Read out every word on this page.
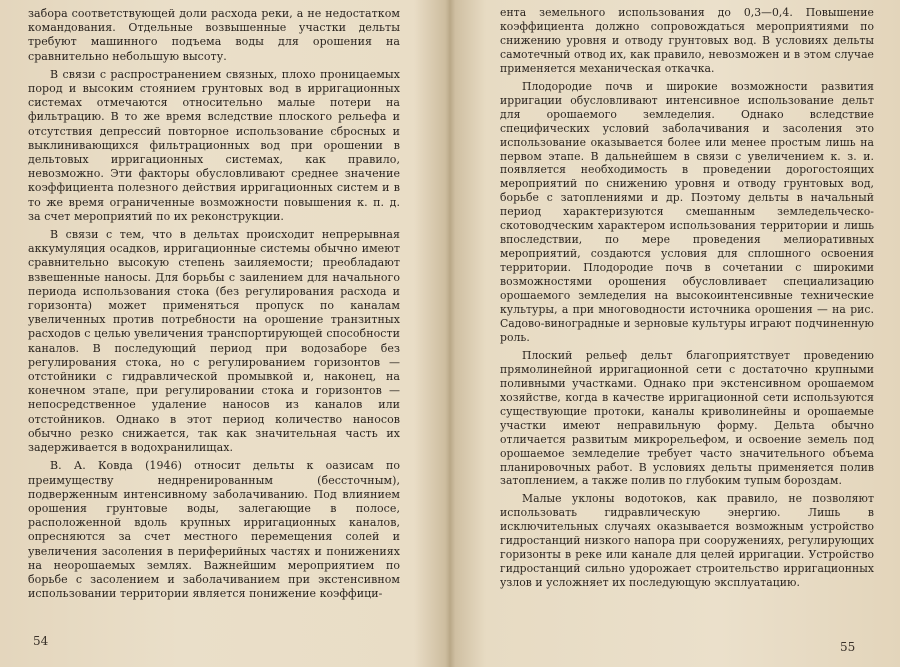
забора соответствующей доли расхода реки, а не недостатком командования. Отдельные возвышенные участки дельты требуют машинного подъема воды для орошения на сравнительно небольшую высоту.

В связи с распространением связных, плохо проницаемых пород и высоким стоянием грунтовых вод в ирригационных системах отмечаются относительно малые потери на фильтрацию. В то же время вследствие плоского рельефа и отсутствия депрессий повторное использование сбросных и выклинивающихся фильтрационных вод при орошении в дельтовых ирригационных системах, как правило, невозможно. Эти факторы обусловливают среднее значение коэффициента полезного действия ирригационных систем и в то же время ограниченные возможности повышения к. п. д. за счет мероприятий по их реконструкции.

В связи с тем, что в дельтах происходит непрерывная аккумуляция осадков, ирригационные системы обычно имеют сравнительно высокую степень заиляемости; преобладают взвешенные наносы. Для борьбы с заилением для начального периода использования стока (без регулирования расхода и горизонта) может применяться пропуск по каналам увеличенных против потребности на орошение транзитных расходов с целью увеличения транспортирующей способности каналов. В последующий период при водозаборе без регулирования стока, но с регулированием горизонтов — отстойники с гидравлической промывкой и, наконец, на конечном этапе, при регулировании стока и горизонтов — непосредственное удаление наносов из каналов или отстойников. Однако в этот период количество наносов обычно резко снижается, так как значительная часть их задерживается в водохранилищах.

В. А. Ковда (1946) относит дельты к оазисам по преимуществу неднренированным (бессточным), подверженным интенсивному заболачиванию. Под влиянием орошения грунтовые воды, залегающие в полосе, расположенной вдоль крупных ирригационных каналов, опресняются за счет местного перемещения солей и увеличения засоления в периферийных частях и понижениях на неорошаемых землях. Важнейшим мероприятием по борьбе с засолением и заболачиванием при экстенсивном использовании территории является понижение коэффици-

54

ента земельного использования до 0,3—0,4. Повышение коэффициента должно сопровождаться мероприятиями по снижению уровня и отводу грунтовых вод. В условиях дельты самотечный отвод их, как правило, невозможен и в этом случае применяется механическая откачка.

Плодородие почв и широкие возможности развития ирригации обусловливают интенсивное использование дельт для орошаемого земледелия. Однако вследствие специфических условий заболачивания и засоления это использование оказывается более или менее простым лишь на первом этапе. В дальнейшем в связи с увеличением к. з. и. появляется необходимость в проведении дорогостоящих мероприятий по снижению уровня и отводу грунтовых вод, борьбе с затоплениями и др. Поэтому дельты в начальный период характеризуются смешанным земледельческо-скотоводческим характером использования территории и лишь впоследствии, по мере проведения мелиоративных мероприятий, создаются условия для сплошного освоения территории. Плодородие почв в сочетании с широкими возможностями орошения обусловливает специализацию орошаемого земледелия на высокоинтенсивные технические культуры, а при многоводности источника орошения — на рис. Садово-виноградные и зерновые культуры играют подчиненную роль.

Плоский рельеф дельт благоприятствует проведению прямолинейной ирригационной сети с достаточно крупными поливными участками. Однако при экстенсивном орошаемом хозяйстве, когда в качестве ирригационной сети используются существующие протоки, каналы криволинейны и орошаемые участки имеют неправильную форму. Дельта обычно отличается развитым микрорельефом, и освоение земель под орошаемое земледелие требует часто значительного объема планировочных работ. В условиях дельты применяется полив затоплением, а также полив по глубоким тупым бороздам.

Малые уклоны водотоков, как правило, не позволяют использовать гидравлическую энергию. Лишь в исключительных случаях оказывается возможным устройство гидростанций низкого напора при сооружениях, регулирующих горизонты в реке или канале для целей ирригации. Устройство гидростанций сильно удорожает строительство ирригационных узлов и усложняет их последующую эксплуатацию.

55
